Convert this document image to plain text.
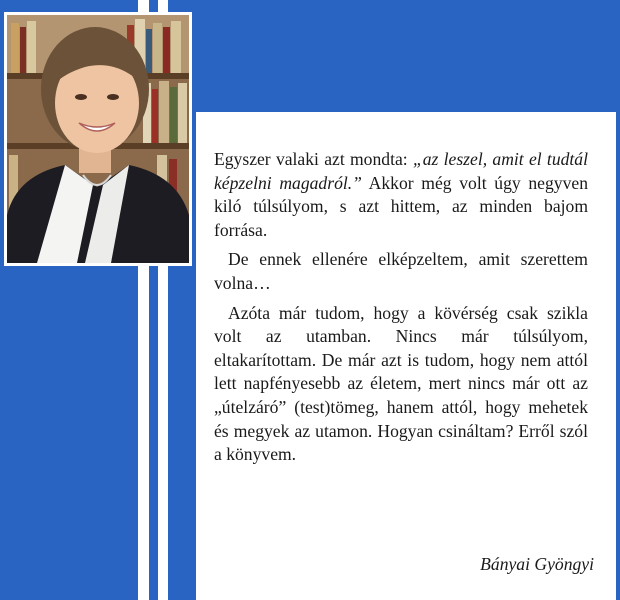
Egyszer valaki azt mondta: „az leszel, amit el tudtál képzelni magadról.” Akkor még volt úgy negyven kiló túlsúlyom, s azt hittem, az minden bajom forrása.

De ennek ellenére elképzeltem, amit szerettem volna…

Azóta már tudom, hogy a kövérség csak szikla volt az utamban. Nincs már túlsúlyom, eltakarítottam. De már azt is tudom, hogy nem attól lett napfényesebb az életem, mert nincs már ott az „útelzáró” (test)tömeg, hanem attól, hogy mehetek és megyek az utamon. Hogyan csináltam? Erről szól a könyvem.

Bányai Gyöngyi
